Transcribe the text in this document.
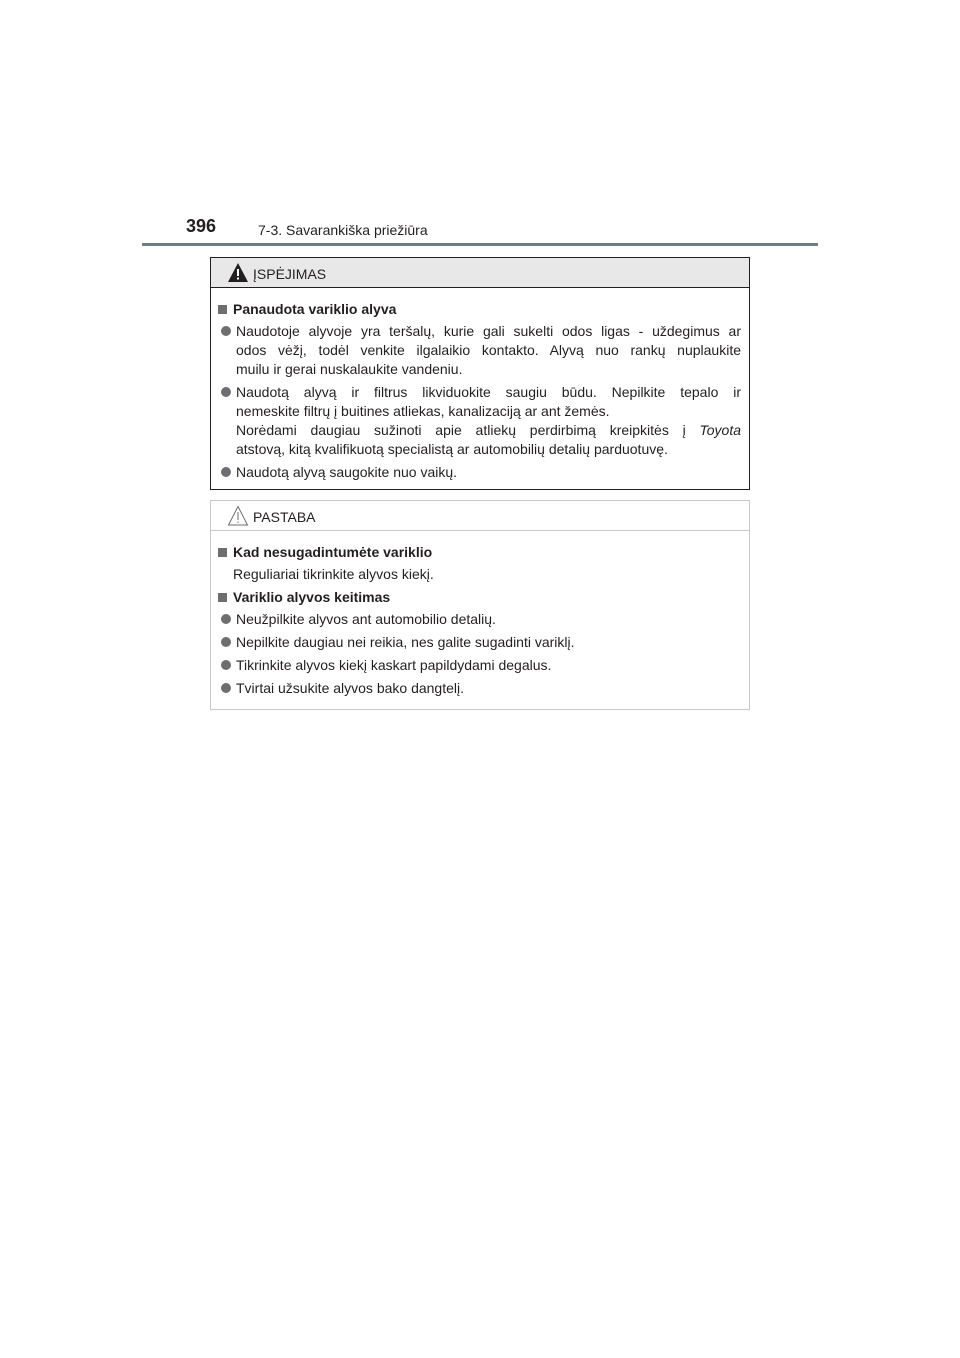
396	7-3. Savarankiška priežiūra
ĮSPĖJIMAS
Panaudota variklio alyva
Naudotoje alyvoje yra teršalų, kurie gali sukelti odos ligas - uždegimus ar
odos vėžį, todėl venkite ilgalaikio kontakto. Alyvą nuo rankų nuplaukite
muilu ir gerai nuskalaukite vandeniu.
Naudotą alyvą ir filtrus likviduokite saugiu būdu. Nepilkite tepalo ir
nemeskite filtrų į buitines atliekas, kanalizaciją ar ant žemės.
Norėdami daugiau sužinoti apie atliekų perdirbimą kreipkitės į Toyota
atstovą, kitą kvalifikuotą specialistą ar automobilių detalių parduotuvę.
Naudotą alyvą saugokite nuo vaikų.
PASTABA
Kad nesugadintumėte variklio
Reguliariai tikrinkite alyvos kiekį.
Variklio alyvos keitimas
Neužpilkite alyvos ant automobilio detalių.
Nepilkite daugiau nei reikia, nes galite sugadinti variklį.
Tikrinkite alyvos kiekį kaskart papildydami degalus.
Tvirtai užsukite alyvos bako dangtelį.
